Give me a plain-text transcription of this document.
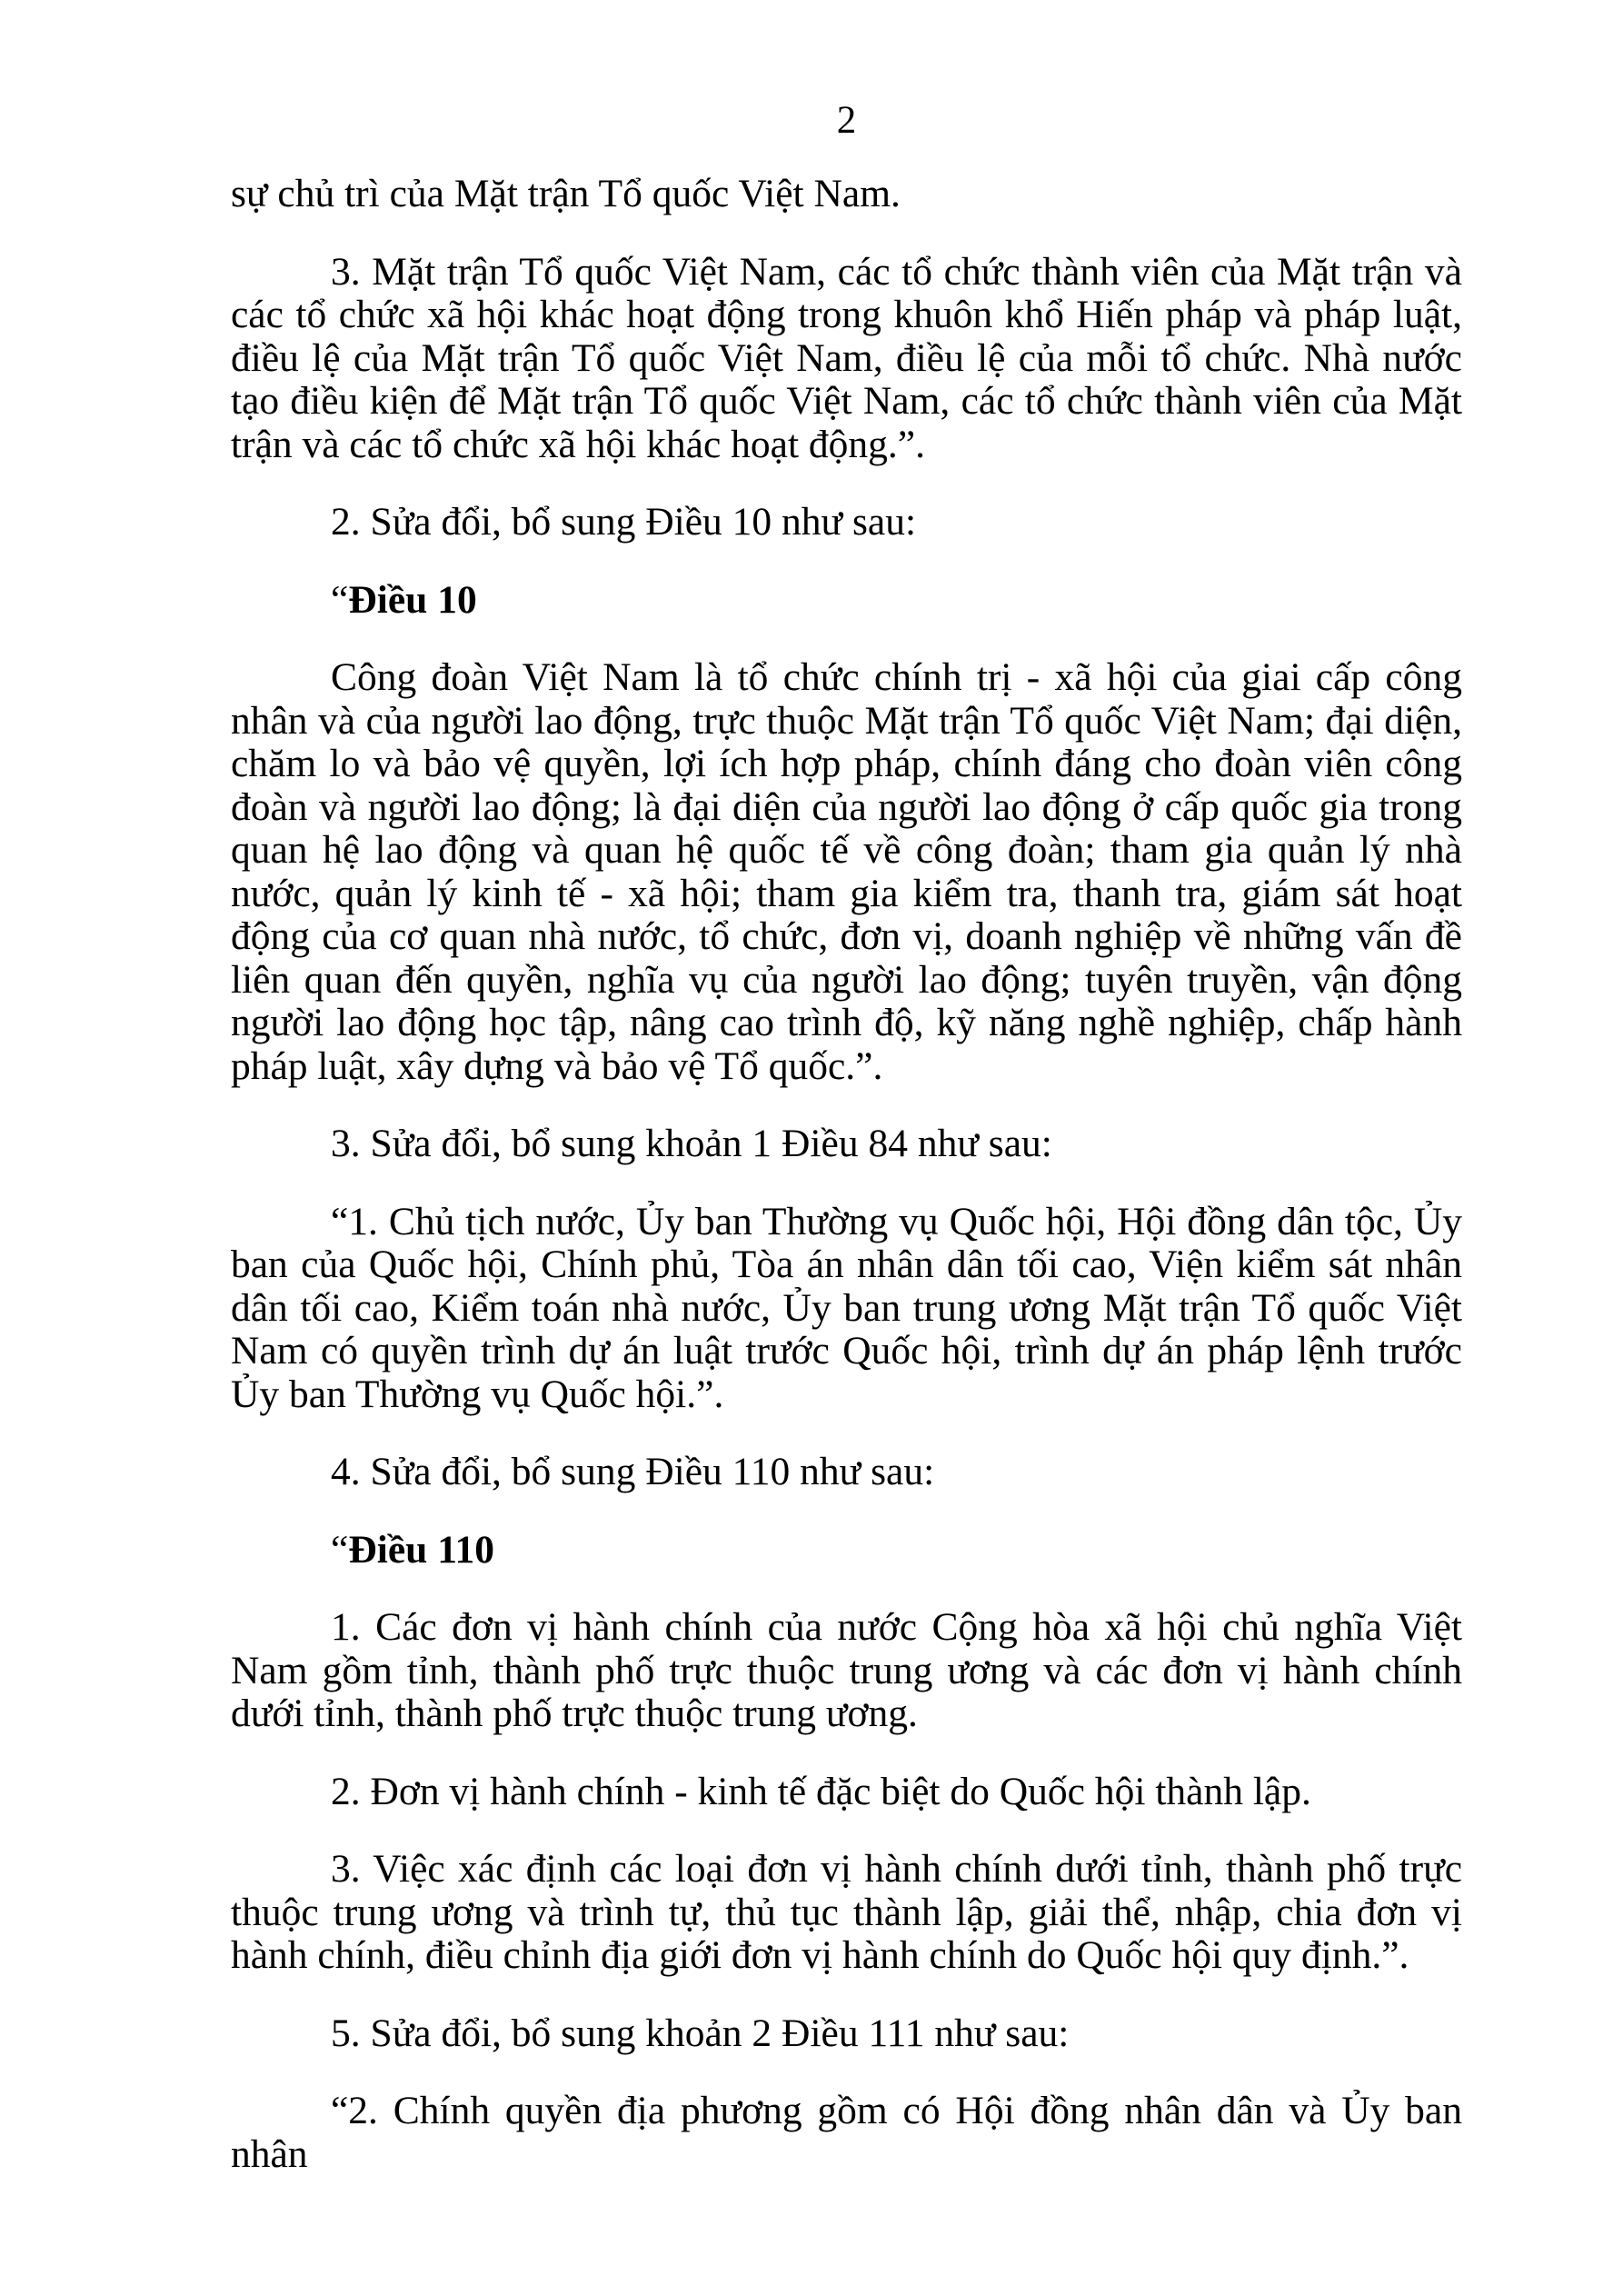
2

sự chủ trì của Mặt trận Tổ quốc Việt Nam.

3. Mặt trận Tổ quốc Việt Nam, các tổ chức thành viên của Mặt trận và các tổ chức xã hội khác hoạt động trong khuôn khổ Hiến pháp và pháp luật, điều lệ của Mặt trận Tổ quốc Việt Nam, điều lệ của mỗi tổ chức. Nhà nước tạo điều kiện để Mặt trận Tổ quốc Việt Nam, các tổ chức thành viên của Mặt trận và các tổ chức xã hội khác hoạt động.”.

2. Sửa đổi, bổ sung Điều 10 như sau:

“Điều 10

Công đoàn Việt Nam là tổ chức chính trị - xã hội của giai cấp công nhân và của người lao động, trực thuộc Mặt trận Tổ quốc Việt Nam; đại diện, chăm lo và bảo vệ quyền, lợi ích hợp pháp, chính đáng cho đoàn viên công đoàn và người lao động; là đại diện của người lao động ở cấp quốc gia trong quan hệ lao động và quan hệ quốc tế về công đoàn; tham gia quản lý nhà nước, quản lý kinh tế - xã hội; tham gia kiểm tra, thanh tra, giám sát hoạt động của cơ quan nhà nước, tổ chức, đơn vị, doanh nghiệp về những vấn đề liên quan đến quyền, nghĩa vụ của người lao động; tuyên truyền, vận động người lao động học tập, nâng cao trình độ, kỹ năng nghề nghiệp, chấp hành pháp luật, xây dựng và bảo vệ Tổ quốc.”.

3. Sửa đổi, bổ sung khoản 1 Điều 84 như sau:

“1. Chủ tịch nước, Ủy ban Thường vụ Quốc hội, Hội đồng dân tộc, Ủy ban của Quốc hội, Chính phủ, Tòa án nhân dân tối cao, Viện kiểm sát nhân dân tối cao, Kiểm toán nhà nước, Ủy ban trung ương Mặt trận Tổ quốc Việt Nam có quyền trình dự án luật trước Quốc hội, trình dự án pháp lệnh trước Ủy ban Thường vụ Quốc hội.”.

4. Sửa đổi, bổ sung Điều 110 như sau:

“Điều 110

1. Các đơn vị hành chính của nước Cộng hòa xã hội chủ nghĩa Việt Nam gồm tỉnh, thành phố trực thuộc trung ương và các đơn vị hành chính dưới tỉnh, thành phố trực thuộc trung ương.

2. Đơn vị hành chính - kinh tế đặc biệt do Quốc hội thành lập.

3. Việc xác định các loại đơn vị hành chính dưới tỉnh, thành phố trực thuộc trung ương và trình tự, thủ tục thành lập, giải thể, nhập, chia đơn vị hành chính, điều chỉnh địa giới đơn vị hành chính do Quốc hội quy định.”.

5. Sửa đổi, bổ sung khoản 2 Điều 111 như sau:

“2. Chính quyền địa phương gồm có Hội đồng nhân dân và Ủy ban nhân
